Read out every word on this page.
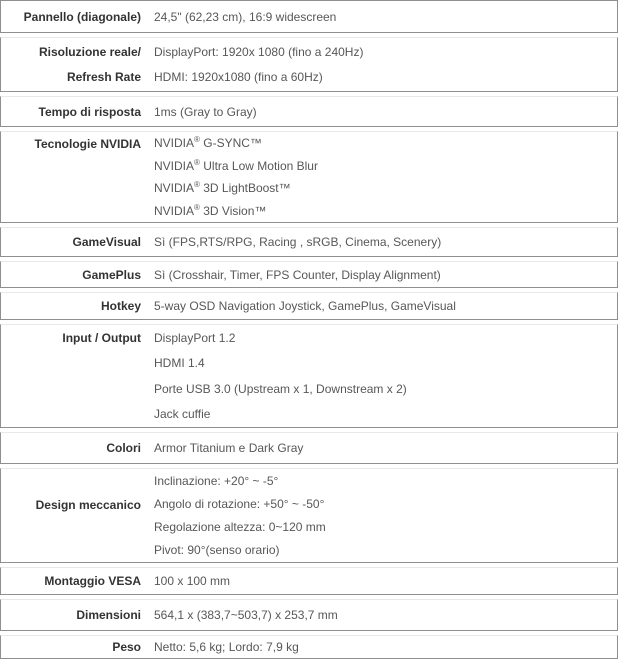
Pannello (diagonale) 24,5" (62,23 cm), 16:9 widescreen
Risoluzione reale/
Refresh Rate
DisplayPort: 1920x 1080 (fino a 240Hz)
HDMI: 1920x1080 (fino a 60Hz)
Tempo di risposta 1ms (Gray to Gray)
Tecnologie NVIDIA NVIDIA® G-SYNC™
NVIDIA® Ultra Low Motion Blur
NVIDIA® 3D LightBoost™
NVIDIA® 3D Vision™
GameVisual Sì (FPS,RTS/RPG, Racing , sRGB, Cinema, Scenery)
GamePlus Sì (Crosshair, Timer, FPS Counter, Display Alignment)
Hotkey 5-way OSD Navigation Joystick, GamePlus, GameVisual
Input / Output DisplayPort 1.2
HDMI 1.4
Porte USB 3.0 (Upstream x 1, Downstream x 2)
Jack cuffie
Colori Armor Titanium e Dark Gray
Design meccanico
Inclinazione: +20° ~ -5°
Angolo di rotazione: +50° ~ -50°
Regolazione altezza: 0~120 mm
Pivot: 90°(senso orario)
Montaggio VESA 100 x 100 mm
Dimensioni 564,1 x (383,7~503,7) x 253,7 mm
Peso Netto: 5,6 kg; Lordo: 7,9 kg
